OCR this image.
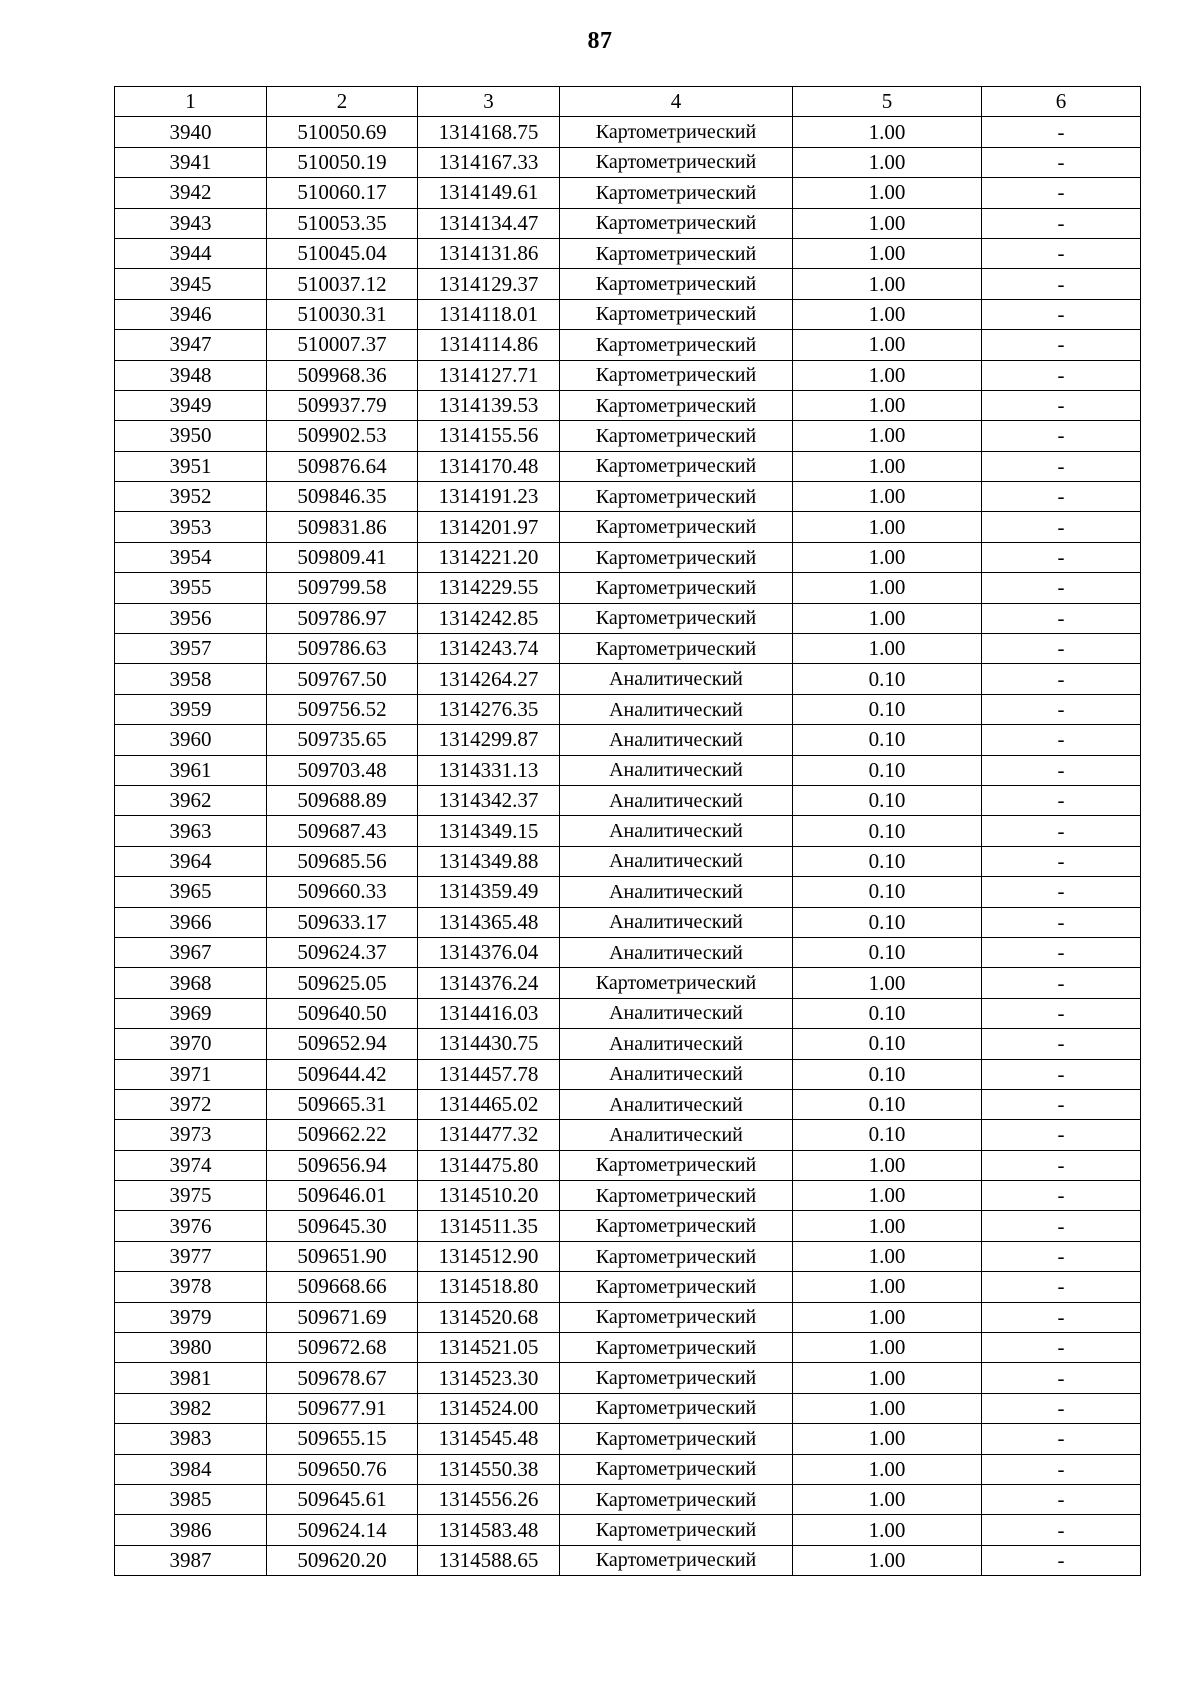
87
1	2	3	4	5	6
3940	510050.69	1314168.75	Картометрический	1.00	-
3941	510050.19	1314167.33	Картометрический	1.00	-
3942	510060.17	1314149.61	Картометрический	1.00	-
3943	510053.35	1314134.47	Картометрический	1.00	-
3944	510045.04	1314131.86	Картометрический	1.00	-
3945	510037.12	1314129.37	Картометрический	1.00	-
3946	510030.31	1314118.01	Картометрический	1.00	-
3947	510007.37	1314114.86	Картометрический	1.00	-
3948	509968.36	1314127.71	Картометрический	1.00	-
3949	509937.79	1314139.53	Картометрический	1.00	-
3950	509902.53	1314155.56	Картометрический	1.00	-
3951	509876.64	1314170.48	Картометрический	1.00	-
3952	509846.35	1314191.23	Картометрический	1.00	-
3953	509831.86	1314201.97	Картометрический	1.00	-
3954	509809.41	1314221.20	Картометрический	1.00	-
3955	509799.58	1314229.55	Картометрический	1.00	-
3956	509786.97	1314242.85	Картометрический	1.00	-
3957	509786.63	1314243.74	Картометрический	1.00	-
3958	509767.50	1314264.27	Аналитический	0.10	-
3959	509756.52	1314276.35	Аналитический	0.10	-
3960	509735.65	1314299.87	Аналитический	0.10	-
3961	509703.48	1314331.13	Аналитический	0.10	-
3962	509688.89	1314342.37	Аналитический	0.10	-
3963	509687.43	1314349.15	Аналитический	0.10	-
3964	509685.56	1314349.88	Аналитический	0.10	-
3965	509660.33	1314359.49	Аналитический	0.10	-
3966	509633.17	1314365.48	Аналитический	0.10	-
3967	509624.37	1314376.04	Аналитический	0.10	-
3968	509625.05	1314376.24	Картометрический	1.00	-
3969	509640.50	1314416.03	Аналитический	0.10	-
3970	509652.94	1314430.75	Аналитический	0.10	-
3971	509644.42	1314457.78	Аналитический	0.10	-
3972	509665.31	1314465.02	Аналитический	0.10	-
3973	509662.22	1314477.32	Аналитический	0.10	-
3974	509656.94	1314475.80	Картометрический	1.00	-
3975	509646.01	1314510.20	Картометрический	1.00	-
3976	509645.30	1314511.35	Картометрический	1.00	-
3977	509651.90	1314512.90	Картометрический	1.00	-
3978	509668.66	1314518.80	Картометрический	1.00	-
3979	509671.69	1314520.68	Картометрический	1.00	-
3980	509672.68	1314521.05	Картометрический	1.00	-
3981	509678.67	1314523.30	Картометрический	1.00	-
3982	509677.91	1314524.00	Картометрический	1.00	-
3983	509655.15	1314545.48	Картометрический	1.00	-
3984	509650.76	1314550.38	Картометрический	1.00	-
3985	509645.61	1314556.26	Картометрический	1.00	-
3986	509624.14	1314583.48	Картометрический	1.00	-
3987	509620.20	1314588.65	Картометрический	1.00	-
